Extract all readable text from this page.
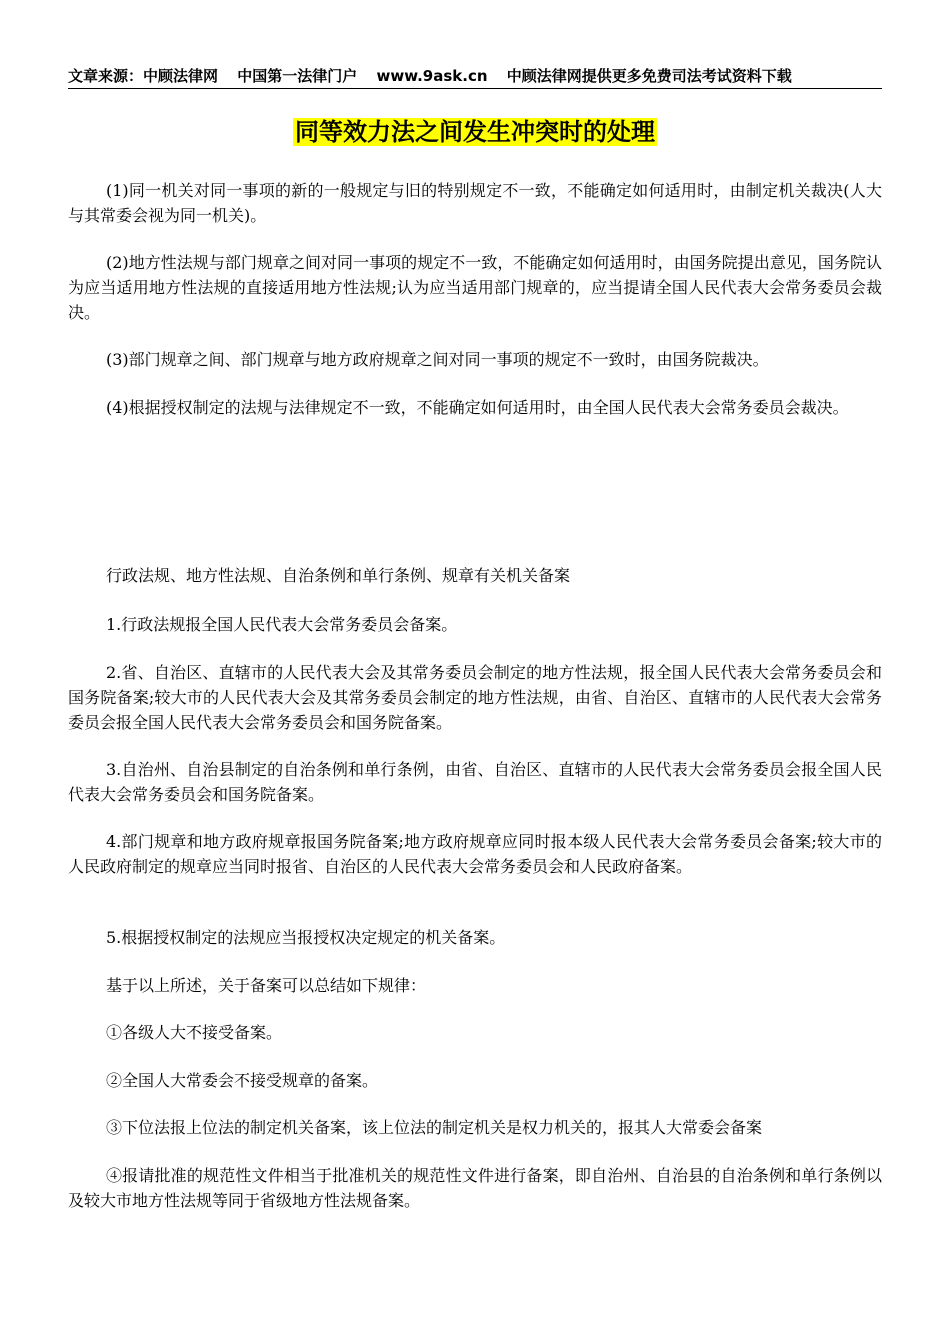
文章来源：中顾法律网 中国第一法律门户 www.9ask.cn 中顾法律网提供更多免费司法考试资料下载
同等效力法之间发生冲突时的处理

(1)同一机关对同一事项的新的一般规定与旧的特别规定不一致，不能确定如何适用时，由制定机关裁决(人大与其常委会视为同一机关)。

(2)地方性法规与部门规章之间对同一事项的规定不一致，不能确定如何适用时，由国务院提出意见，国务院认为应当适用地方性法规的直接适用地方性法规;认为应当适用部门规章的，应当提请全国人民代表大会常务委员会裁决。

(3)部门规章之间、部门规章与地方政府规章之间对同一事项的规定不一致时，由国务院裁决。

(4)根据授权制定的法规与法律规定不一致，不能确定如何适用时，由全国人民代表大会常务委员会裁决。

行政法规、地方性法规、自治条例和单行条例、规章有关机关备案

1.行政法规报全国人民代表大会常务委员会备案。

2.省、自治区、直辖市的人民代表大会及其常务委员会制定的地方性法规，报全国人民代表大会常务委员会和国务院备案;较大市的人民代表大会及其常务委员会制定的地方性法规，由省、自治区、直辖市的人民代表大会常务委员会报全国人民代表大会常务委员会和国务院备案。

3.自治州、自治县制定的自治条例和单行条例，由省、自治区、直辖市的人民代表大会常务委员会报全国人民代表大会常务委员会和国务院备案。

4.部门规章和地方政府规章报国务院备案;地方政府规章应同时报本级人民代表大会常务委员会备案;较大市的人民政府制定的规章应当同时报省、自治区的人民代表大会常务委员会和人民政府备案。

5.根据授权制定的法规应当报授权决定规定的机关备案。

基于以上所述，关于备案可以总结如下规律：

①各级人大不接受备案。

②全国人大常委会不接受规章的备案。

③下位法报上位法的制定机关备案，该上位法的制定机关是权力机关的，报其人大常委会备案

④报请批准的规范性文件相当于批准机关的规范性文件进行备案，即自治州、自治县的自治条例和单行条例以及较大市地方性法规等同于省级地方性法规备案。
